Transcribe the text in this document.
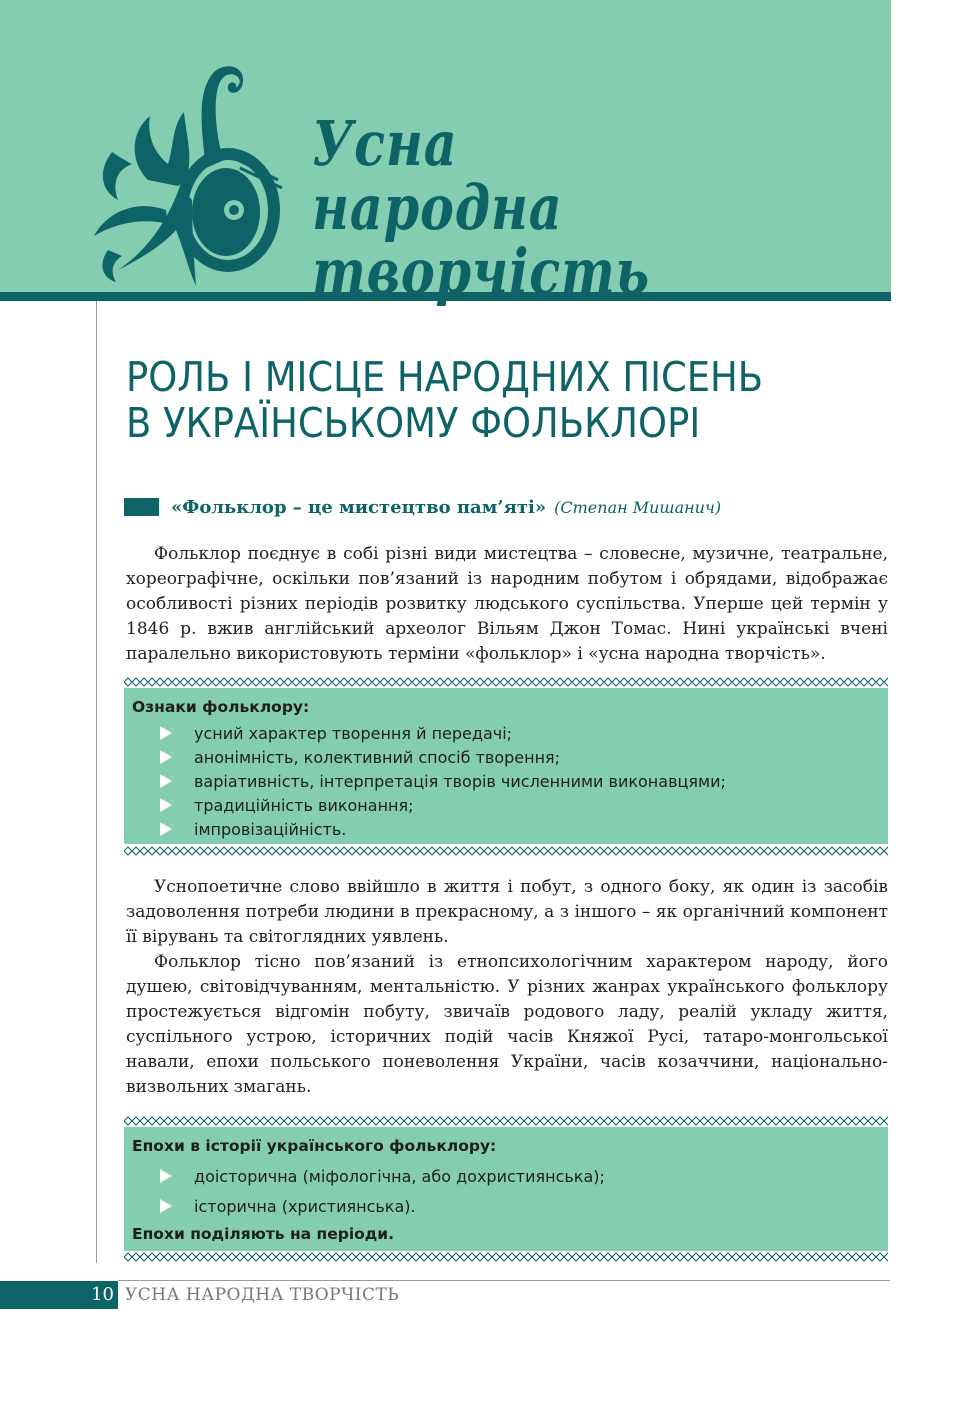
Усна
народна творчість
РОЛЬ І МІСЦЕ НАРОДНИХ ПІСЕНЬ
В УКРАЇНСЬКОМУ ФОЛЬКЛОРІ
«Фольклор – це мистецтво пам’яті» (Степан Мишанич)

Фольклор поєднує в собі різні види мистецтва – словесне, музичне, театральне, хореографічне, оскільки пов’язаний із народним побутом і обрядами, відображає особливості різних періодів розвитку людського суспільства. Уперше цей термін у 1846 р. вжив англійський археолог Вільям Джон Томас. Нині українські вчені паралельно використовують терміни «фольклор» і «усна народна творчість».

Ознаки фольклору:
усний характер творення й передачі;
анонімність, колективний спосіб творення;
варіативність, інтерпретація творів численними виконавцями;
традиційність виконання;
імпровізаційність.

Уснопоетичне слово ввійшло в життя і побут, з одного боку, як один із засобів задоволення потреби людини в прекрасному, а з іншого – як органічний компонент її вірувань та світоглядних уявлень.

Фольклор тісно пов’язаний із етнопсихологічним характером народу, його душею, світовідчуванням, ментальністю. У різних жанрах українського фольклору простежується відгомін побуту, звичаїв родового ладу, реалій укладу життя, суспільного устрою, історичних подій часів Княжої Русі, татаро-монгольської навали, епохи польського поневолення України, часів козаччини, національно-визвольних змагань.

Епохи в історії українського фольклору:
доісторична (міфологічна, або дохристиянська);
історична (християнська).
Епохи поділяють на періоди.
10 УСНА НАРОДНА ТВОРЧІСТЬ
